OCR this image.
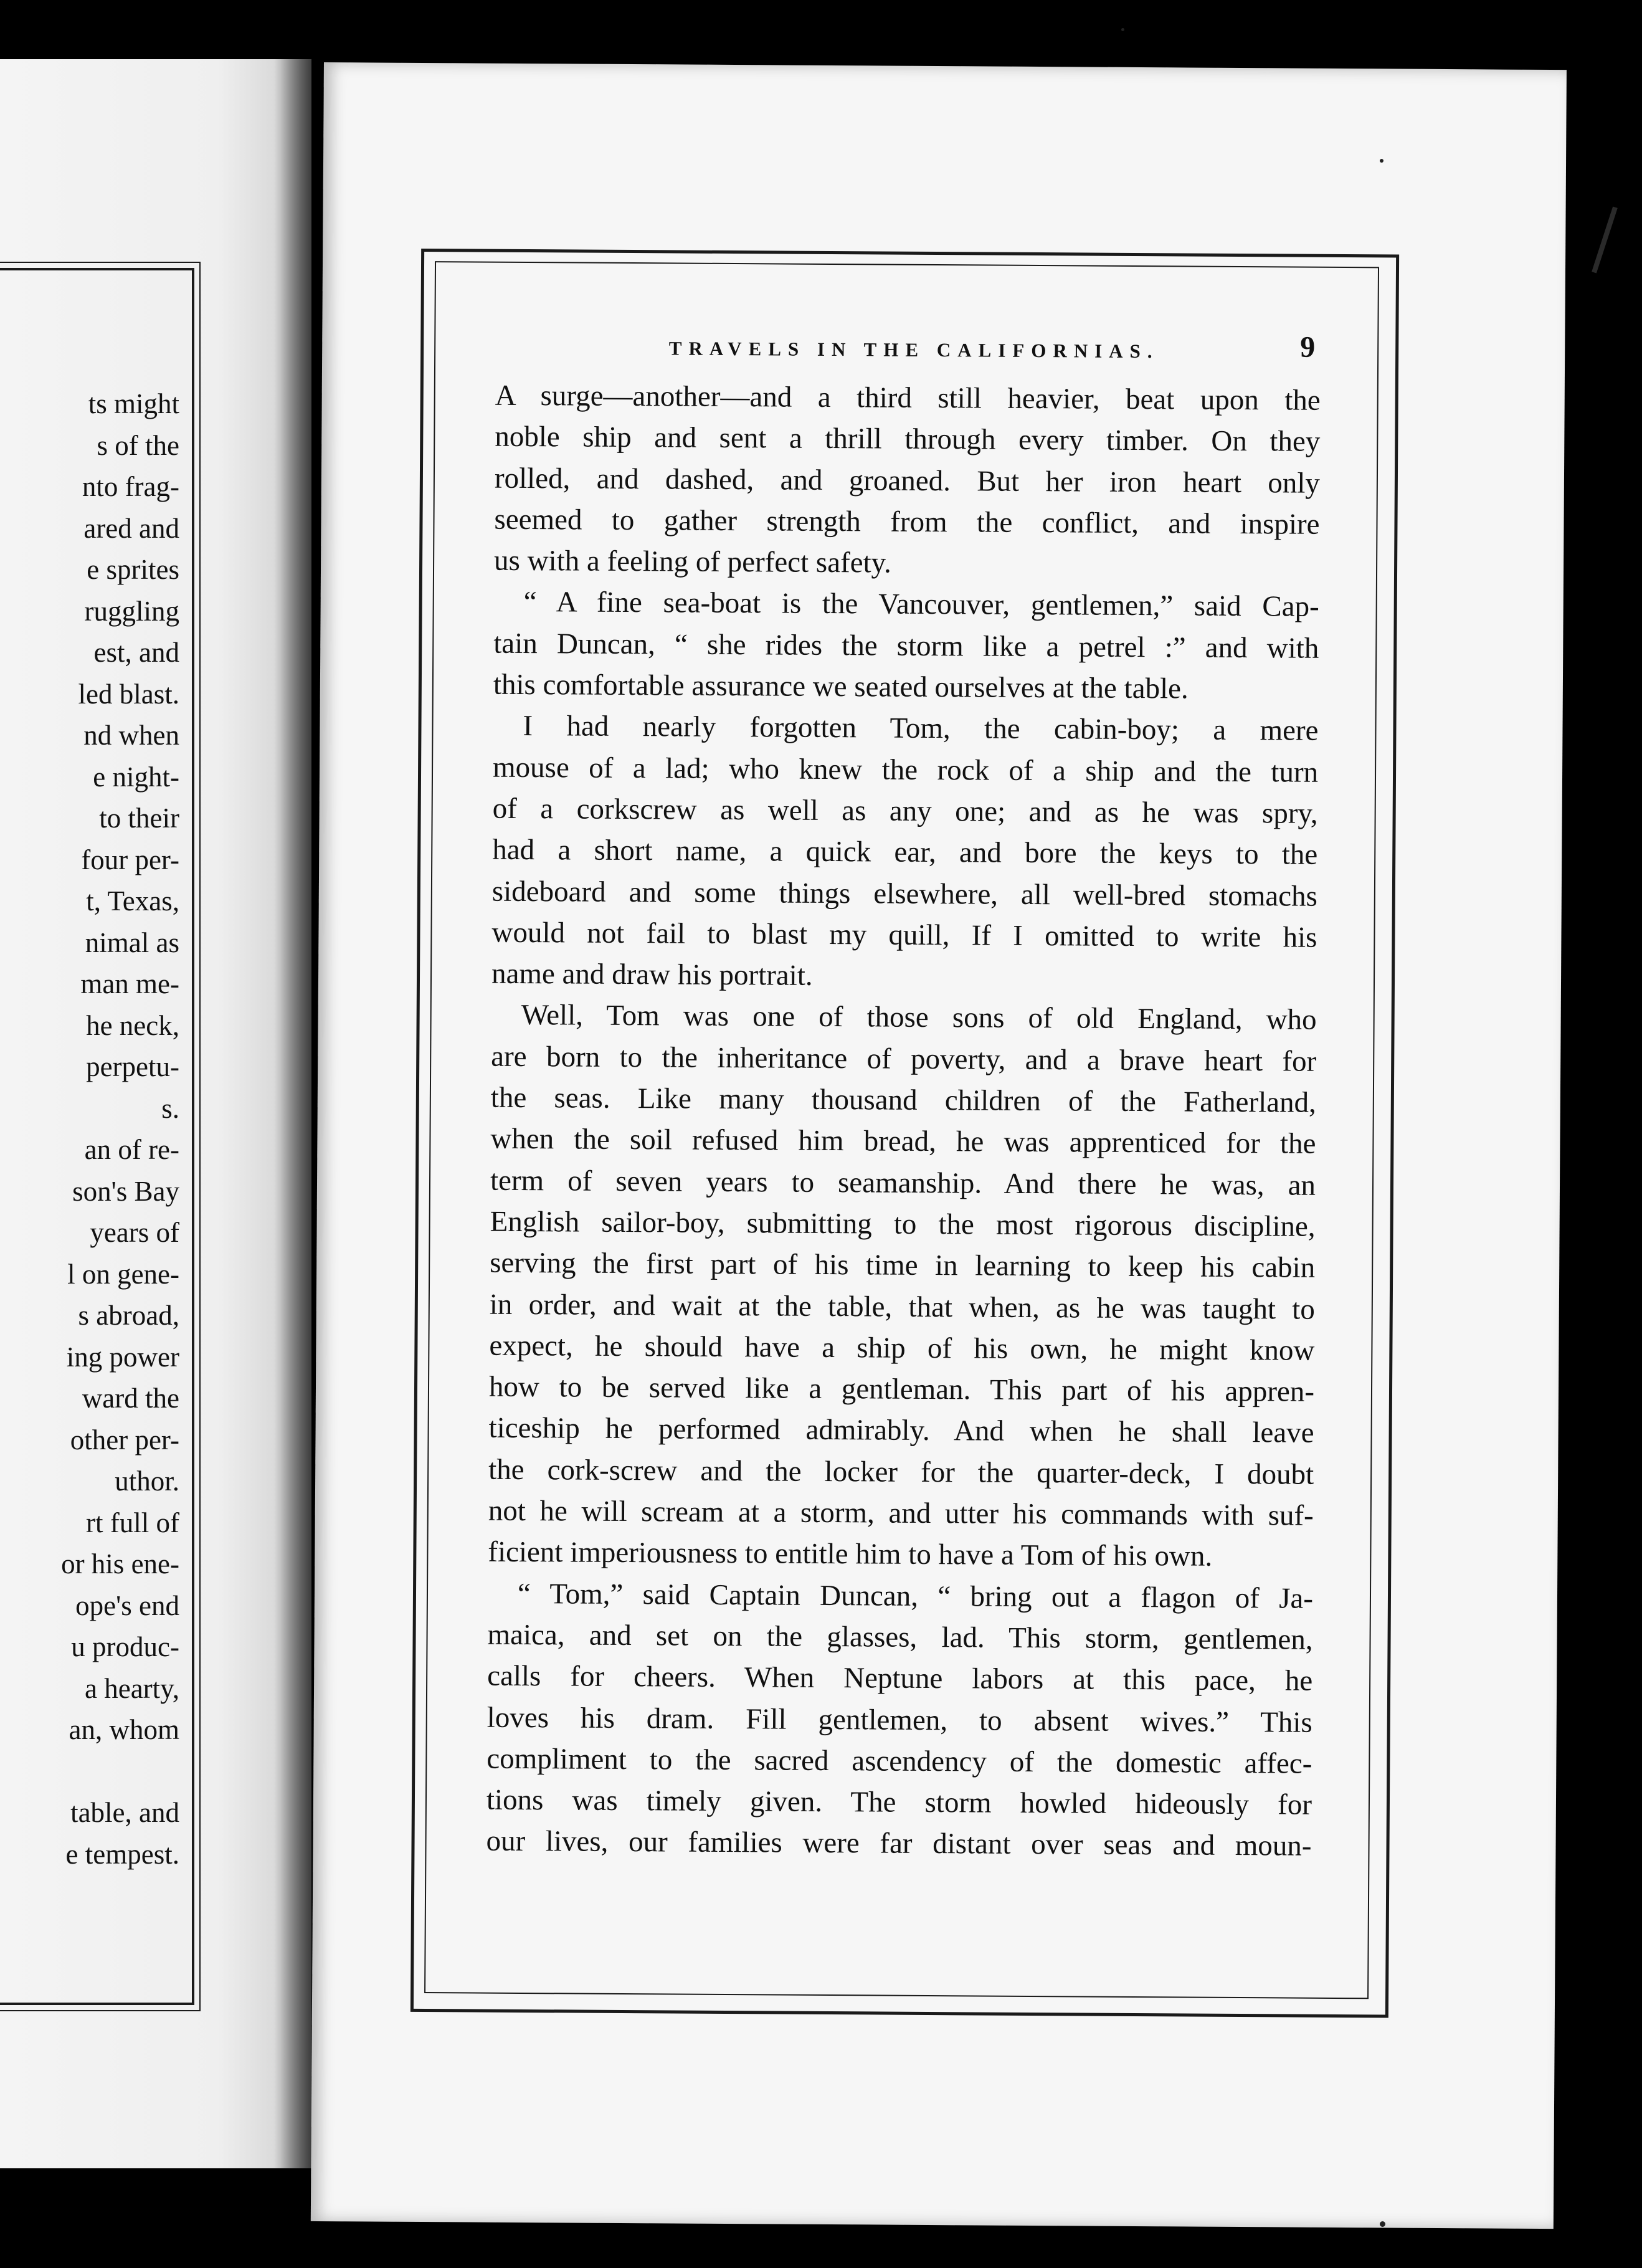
ts might
s of the
nto frag-
ared and
e sprites
ruggling
est, and
led blast.
nd when
e night-
to their
four per-
t, Texas,
nimal as
man me-
he neck,
perpetu-
s.
an of re-
son's Bay
years of
l on gene-
s abroad,
ing power
ward the
other per-
uthor.
rt full of
or his ene-
ope's end
u produc-
a hearty,
an, whom
table, and
e tempest.
TRAVELS IN THE CALIFORNIAS.	9
A surge—another—and a third still heavier, beat upon the
noble ship and sent a thrill through every timber. On they
rolled, and dashed, and groaned. But her iron heart only
seemed to gather strength from the conflict, and inspire
us with a feeling of perfect safety.
“ A fine sea-boat is the Vancouver, gentlemen,” said Cap-
tain Duncan, “ she rides the storm like a petrel :” and with
this comfortable assurance we seated ourselves at the table.
I had nearly forgotten Tom, the cabin-boy; a mere
mouse of a lad; who knew the rock of a ship and the turn
of a corkscrew as well as any one; and as he was spry,
had a short name, a quick ear, and bore the keys to the
sideboard and some things elsewhere, all well-bred stomachs
would not fail to blast my quill, If I omitted to write his
name and draw his portrait.
Well, Tom was one of those sons of old England, who
are born to the inheritance of poverty, and a brave heart for
the seas. Like many thousand children of the Fatherland,
when the soil refused him bread, he was apprenticed for the
term of seven years to seamanship. And there he was, an
English sailor-boy, submitting to the most rigorous discipline,
serving the first part of his time in learning to keep his cabin
in order, and wait at the table, that when, as he was taught to
expect, he should have a ship of his own, he might know
how to be served like a gentleman. This part of his appren-
ticeship he performed admirably. And when he shall leave
the cork-screw and the locker for the quarter-deck, I doubt
not he will scream at a storm, and utter his commands with suf-
ficient imperiousness to entitle him to have a Tom of his own.
“ Tom,” said Captain Duncan, “ bring out a flagon of Ja-
maica, and set on the glasses, lad. This storm, gentlemen,
calls for cheers. When Neptune labors at this pace, he
loves his dram. Fill gentlemen, to absent wives.” This
compliment to the sacred ascendency of the domestic affec-
tions was timely given. The storm howled hideously for
our lives, our families were far distant over seas and moun-
